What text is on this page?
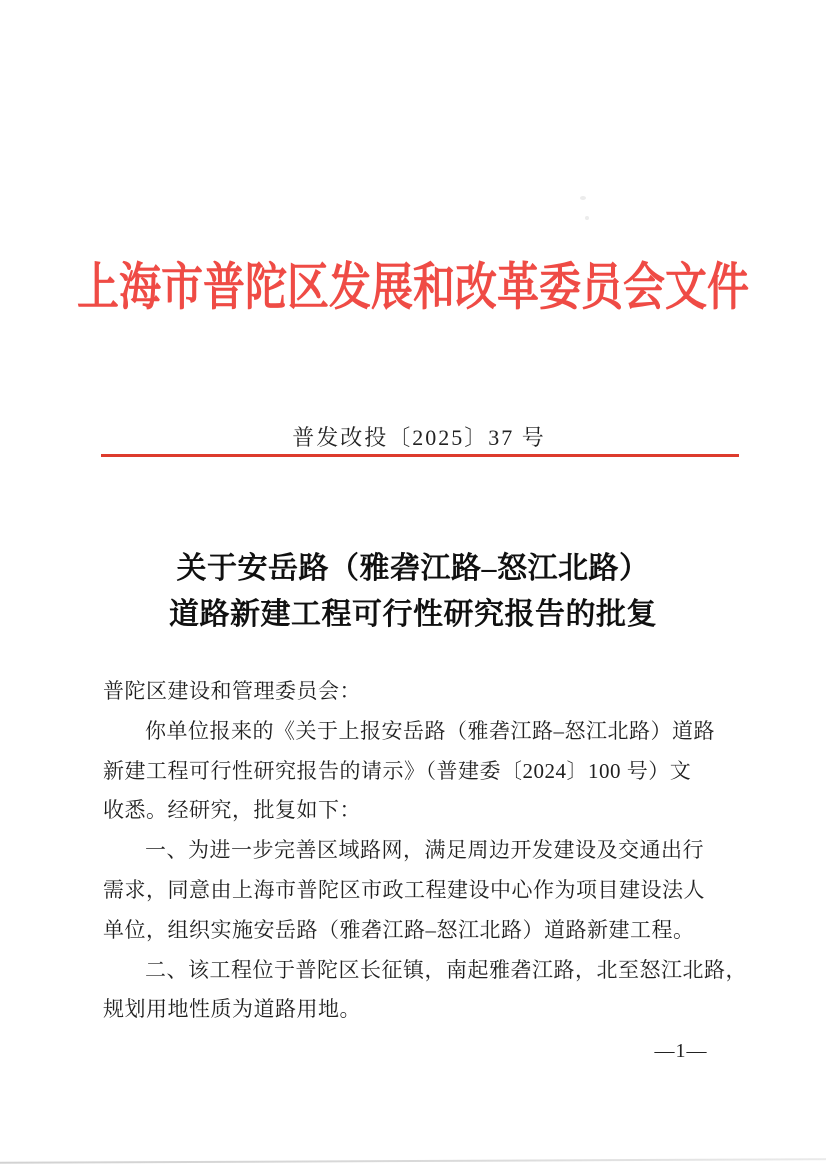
上海市普陀区发展和改革委员会文件
普发改投〔2025〕37 号
关于安岳路（雅砻江路–怒江北路）
道路新建工程可行性研究报告的批复
普陀区建设和管理委员会：
你单位报来的《关于上报安岳路（雅砻江路–怒江北路）道路
新建工程可行性研究报告的请示》（普建委〔2024〕100 号）文
收悉。经研究，批复如下：
一、为进一步完善区域路网，满足周边开发建设及交通出行
需求，同意由上海市普陀区市政工程建设中心作为项目建设法人
单位，组织实施安岳路（雅砻江路–怒江北路）道路新建工程。
二、该工程位于普陀区长征镇，南起雅砻江路，北至怒江北路，
规划用地性质为道路用地。
—1—
